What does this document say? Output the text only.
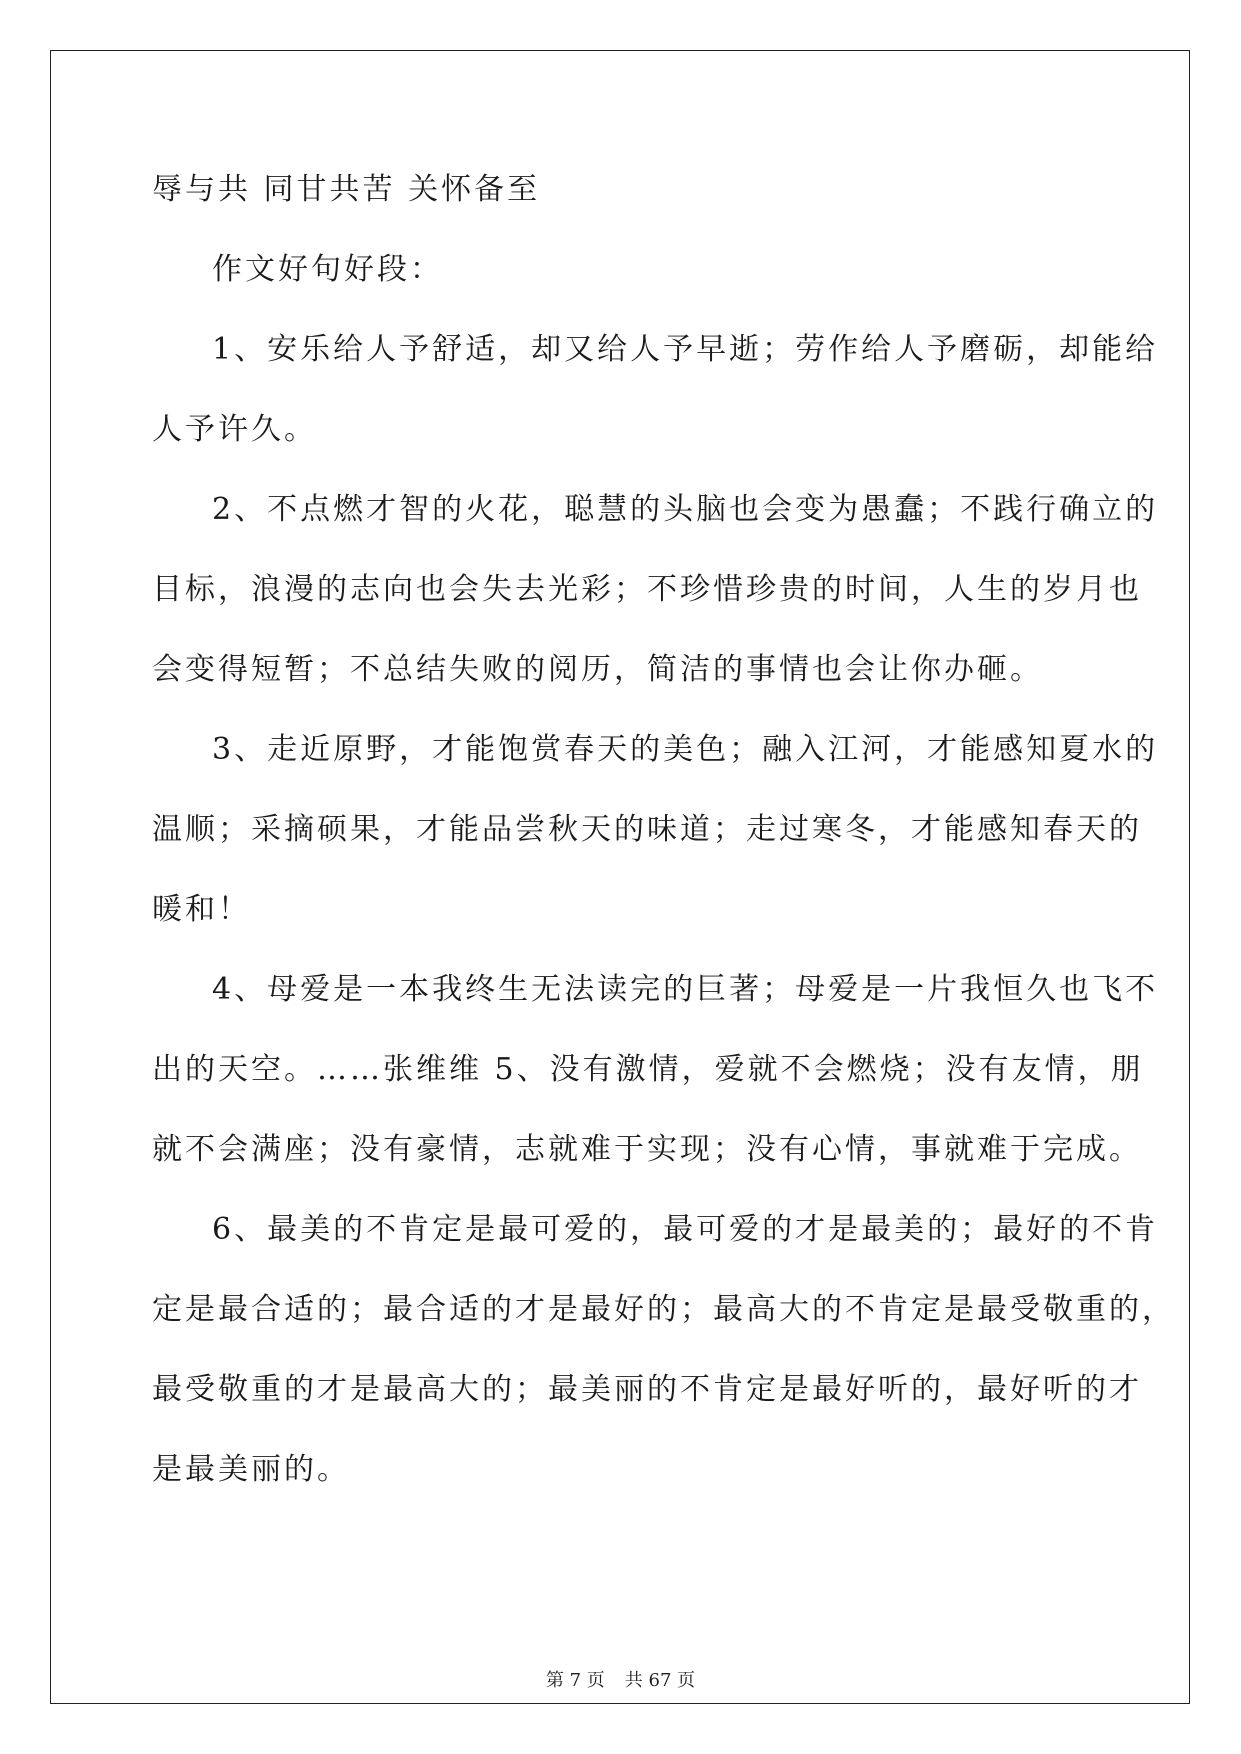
辱与共 同甘共苦 关怀备至
作文好句好段：
1、安乐给人予舒适，却又给人予早逝；劳作给人予磨砺，却能给
人予许久。
2、不点燃才智的火花，聪慧的头脑也会变为愚蠢；不践行确立的
目标，浪漫的志向也会失去光彩；不珍惜珍贵的时间，人生的岁月也
会变得短暂；不总结失败的阅历，简洁的事情也会让你办砸。
3、走近原野，才能饱赏春天的美色；融入江河，才能感知夏水的
温顺；采摘硕果，才能品尝秋天的味道；走过寒冬，才能感知春天的
暖和！
4、母爱是一本我终生无法读完的巨著；母爱是一片我恒久也飞不
出的天空。……张维维 5、没有激情，爱就不会燃烧；没有友情，朋
就不会满座；没有豪情，志就难于实现；没有心情，事就难于完成。
6、最美的不肯定是最可爱的，最可爱的才是最美的；最好的不肯
定是最合适的；最合适的才是最好的；最高大的不肯定是最受敬重的，
最受敬重的才是最高大的；最美丽的不肯定是最好听的，最好听的才
是最美丽的。
第 7 页 共 67 页
